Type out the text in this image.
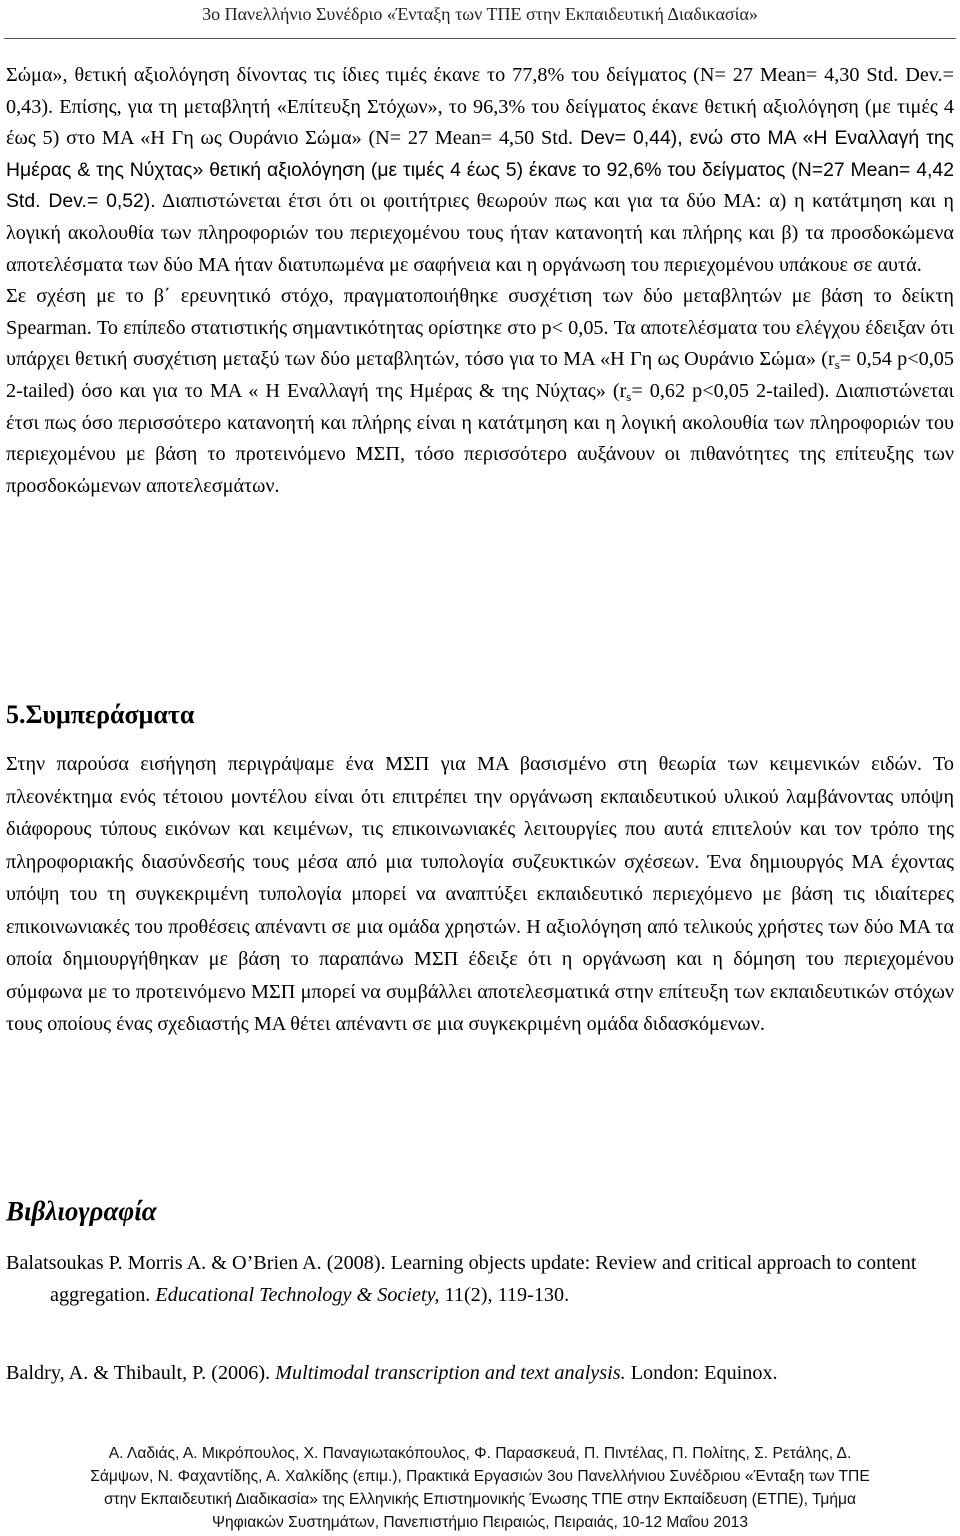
3ο Πανελλήνιο Συνέδριο «Ένταξη των ΤΠΕ στην Εκπαιδευτική Διαδικασία»

Σώμα», θετική αξιολόγηση δίνοντας τις ίδιες τιμές έκανε το 77,8% του δείγματος (N= 27 Mean= 4,30 Std. Dev.= 0,43). Επίσης, για τη μεταβλητή «Επίτευξη Στόχων», το 96,3% του δείγματος έκανε θετική αξιολόγηση (με τιμές 4 έως 5) στο ΜΑ «Η Γη ως Ουράνιο Σώμα» (N= 27 Mean= 4,50 Std. Dev= 0,44), ενώ στο ΜΑ «Η Εναλλαγή της Ημέρας & της Νύχτας» θετική αξιολόγηση (με τιμές 4 έως 5) έκανε το 92,6% του δείγματος (N=27 Mean= 4,42 Std. Dev.= 0,52). Διαπιστώνεται έτσι ότι οι φοιτήτριες θεωρούν πως και για τα δύο ΜΑ: α) η κατάτμηση και η λογική ακολουθία των πληροφοριών του περιεχομένου τους ήταν κατανοητή και πλήρης και β) τα προσδοκώμενα αποτελέσματα των δύο ΜΑ ήταν διατυπωμένα με σαφήνεια και η οργάνωση του περιεχομένου υπάκουε σε αυτά.

Σε σχέση με το β΄ ερευνητικό στόχο, πραγματοποιήθηκε συσχέτιση των δύο μεταβλητών με βάση το δείκτη Spearman. Το επίπεδο στατιστικής σημαντικότητας ορίστηκε στο p< 0,05. Τα αποτελέσματα του ελέγχου έδειξαν ότι υπάρχει θετική συσχέτιση μεταξύ των δύο μεταβλητών, τόσο για το ΜΑ «Η Γη ως Ουράνιο Σώμα» ($r_s= 0,54$ p<0,05 2-tailed) όσο και για το ΜΑ « Η Εναλλαγή της Ημέρας & της Νύχτας» ($r_s= 0,62$ p<0,05 2-tailed). Διαπιστώνεται έτσι πως όσο περισσότερο κατανοητή και πλήρης είναι η κατάτμηση και η λογική ακολουθία των πληροφοριών του περιεχομένου με βάση το προτεινόμενο ΜΣΠ, τόσο περισσότερο αυξάνουν οι πιθανότητες της επίτευξης των προσδοκώμενων αποτελεσμάτων.

5.Συμπεράσματα

Στην παρούσα εισήγηση περιγράψαμε ένα ΜΣΠ για ΜΑ βασισμένο στη θεωρία των κειμενικών ειδών. Το πλεονέκτημα ενός τέτοιου μοντέλου είναι ότι επιτρέπει την οργάνωση εκπαιδευτικού υλικού λαμβάνοντας υπόψη διάφορους τύπους εικόνων και κειμένων, τις επικοινωνιακές λειτουργίες που αυτά επιτελούν και τον τρόπο της πληροφοριακής διασύνδεσής τους μέσα από μια τυπολογία συζευκτικών σχέσεων. Ένα δημιουργός ΜΑ έχοντας υπόψη του τη συγκεκριμένη τυπολογία μπορεί να αναπτύξει εκπαιδευτικό περιεχόμενο με βάση τις ιδιαίτερες επικοινωνιακές του προθέσεις απέναντι σε μια ομάδα χρηστών. Η αξιολόγηση από τελικούς χρήστες των δύο ΜΑ τα οποία δημιουργήθηκαν με βάση το παραπάνω ΜΣΠ έδειξε ότι η οργάνωση και η δόμηση του περιεχομένου σύμφωνα με το προτεινόμενο ΜΣΠ μπορεί να συμβάλλει αποτελεσματικά στην επίτευξη των εκπαιδευτικών στόχων τους οποίους ένας σχεδιαστής ΜΑ θέτει απέναντι σε μια συγκεκριμένη ομάδα διδασκόμενων.

Βιβλιογραφία

Balatsoukas P. Morris A. & O’Brien A. (2008). Learning objects update: Review and critical approach to content aggregation. Educational Technology & Society, 11(2), 119-130.

Baldry, A. & Thibault, P. (2006). Multimodal transcription and text analysis. London: Equinox.

Α. Λαδιάς, Α. Μικρόπουλος, Χ. Παναγιωτακόπουλος, Φ. Παρασκευά, Π. Πιντέλας, Π. Πολίτης, Σ. Ρετάλης, Δ.
Σάμψων, Ν. Φαχαντίδης, Α. Χαλκίδης (επιμ.), Πρακτικά Εργασιών 3ου Πανελλήνιου Συνέδριου «Ένταξη των ΤΠΕ
στην Εκπαιδευτική Διαδικασία» της Ελληνικής Επιστημονικής Ένωσης ΤΠΕ στην Εκπαίδευση (ΕΤΠΕ), Τμήμα
Ψηφιακών Συστημάτων, Πανεπιστήμιο Πειραιώς, Πειραιάς, 10-12 Μαΐου 2013
